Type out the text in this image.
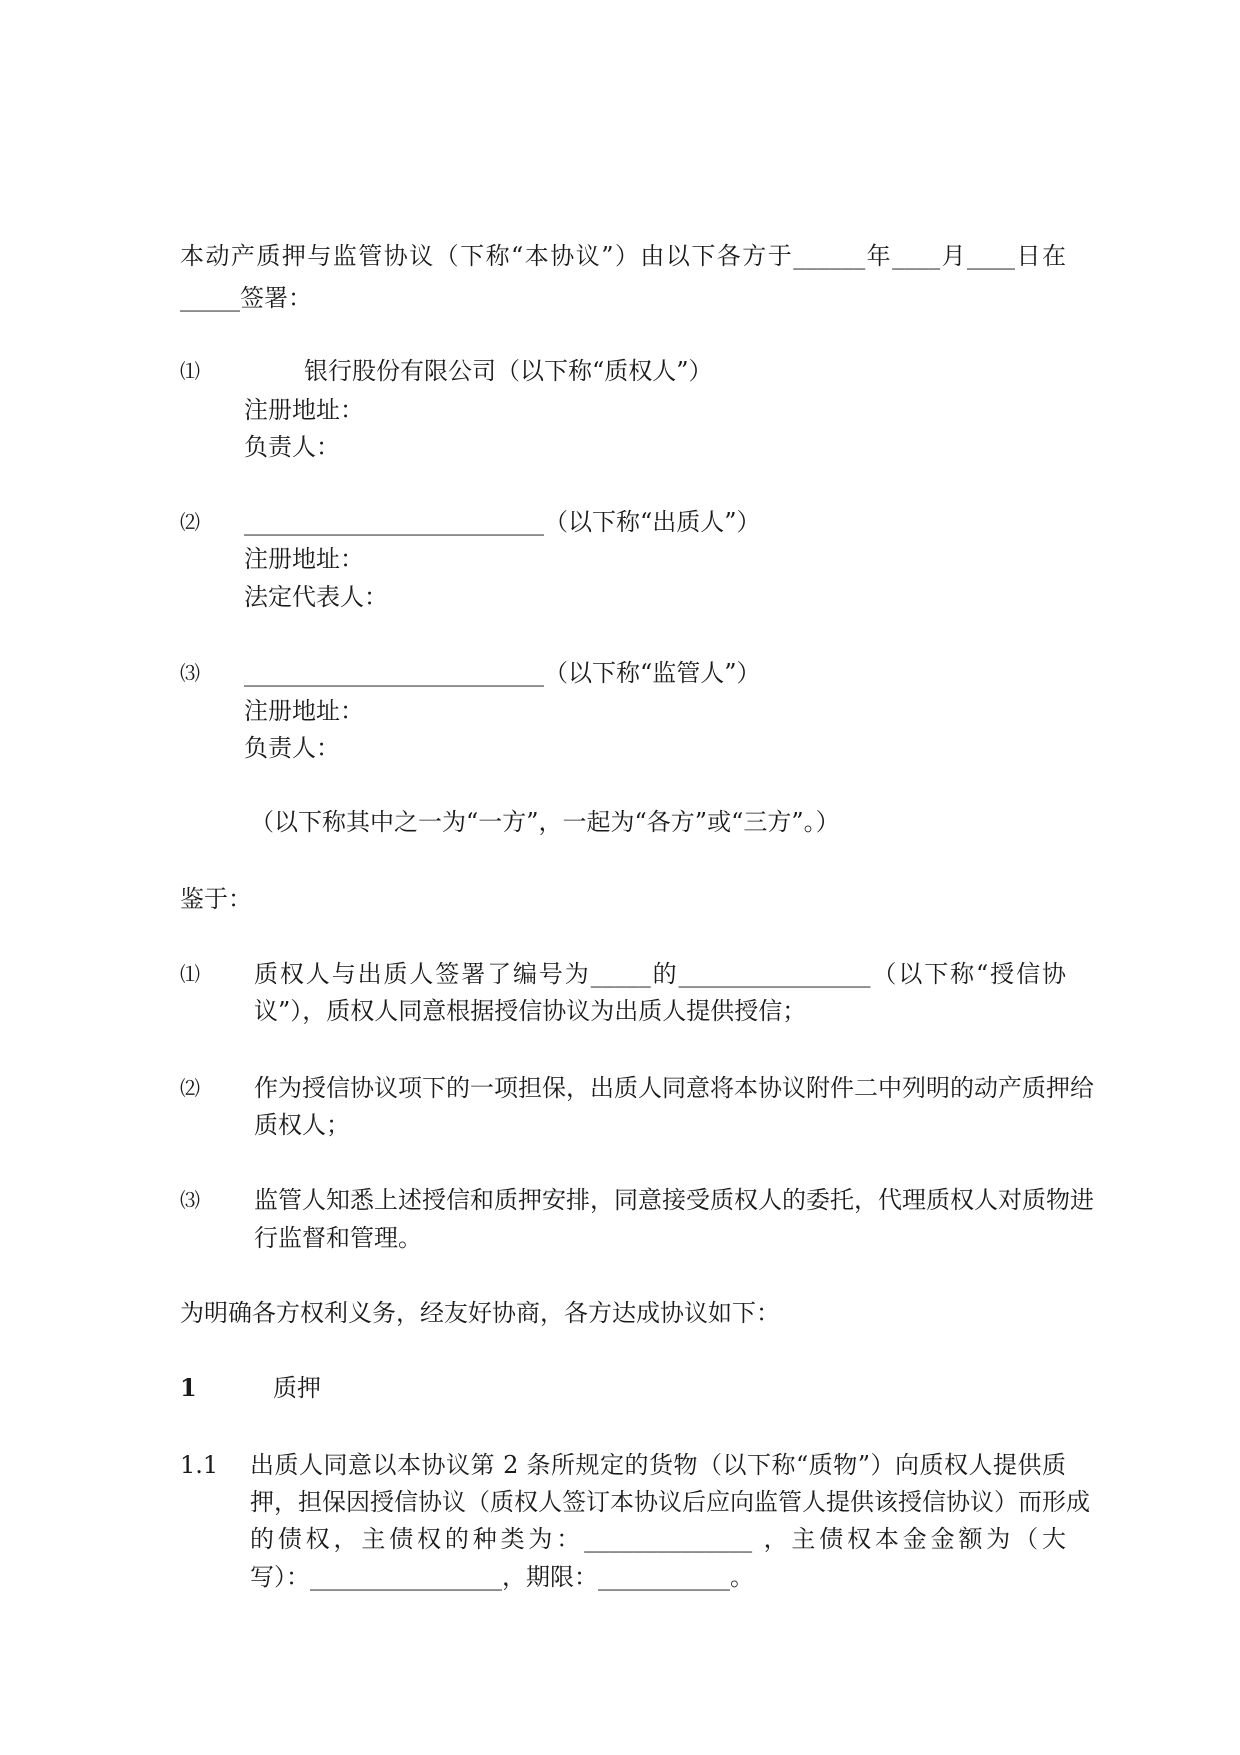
本动产质押与监管协议（下称“本协议”）由以下各方于______年____月____日在
_____签署：
⑴	银行股份有限公司（以下称“质权人”）
注册地址：
负责人：
⑵ _________________________ （以下称“出质人”）
注册地址：
法定代表人：
⑶ _________________________ （以下称“监管人”）
注册地址：
负责人：
（以下称其中之一为“一方”，一起为“各方”或“三方”。）
鉴于：
⑴ 质权人与出质人签署了编号为_____的________________（以下称“授信协
议”），质权人同意根据授信协议为出质人提供授信；
⑵ 作为授信协议项下的一项担保，出质人同意将本协议附件二中列明的动产质押给
质权人；
⑶ 监管人知悉上述授信和质押安排，同意接受质权人的委托，代理质权人对质物进
行监督和管理。
为明确各方权利义务，经友好协商，各方达成协议如下：
1	质押
1.1 出质人同意以本协议第 2 条所规定的货物（以下称“质物”）向质权人提供质
押，担保因授信协议（质权人签订本协议后应向监管人提供该授信协议）而形成
的债权，主债权的种类为：______________ ，主债权本金金额为（大
写）：________________，期限：___________。
